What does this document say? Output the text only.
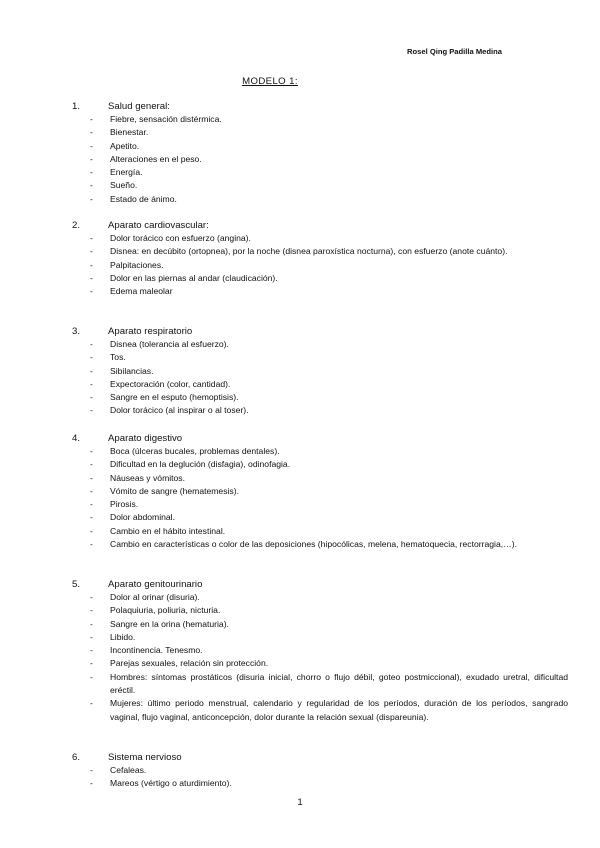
Rosel Qing Padilla Medina
MODELO 1:
1.	Salud general:
-	Fiebre, sensación distérmica.
-	Bienestar.
-	Apetito.
-	Alteraciones en el peso.
-	Energía.
-	Sueño.
-	Estado de ánimo.
2.	Aparato cardiovascular:
-	Dolor torácico con esfuerzo (angina).
-	Disnea: en decúbito (ortopnea), por la noche (disnea paroxística nocturna), con esfuerzo (anote cuánto).
-	Palpitaciones.
-	Dolor en las piernas al andar (claudicación).
-	Edema maleolar
3.	Aparato respiratorio
-	Disnea (tolerancia al esfuerzo).
-	Tos.
-	Sibilancias.
-	Expectoración (color, cantidad).
-	Sangre en el esputo (hemoptisis).
-	Dolor torácico (al inspirar o al toser).
4.	Aparato digestivo
-	Boca (úlceras bucales, problemas dentales).
-	Dificultad en la deglución (disfagia), odinofagia.
-	Náuseas y vómitos.
-	Vómito de sangre (hematemesis).
-	Pirosis.
-	Dolor abdominal.
-	Cambio en el hábito intestinal.
-	Cambio en características o color de las deposiciones (hipocólicas, melena, hematoquecia, rectorragia,…).
5.	Aparato genitourinario
-	Dolor al orinar (disuria).
-	Polaquiuria, poliuria, nicturia.
-	Sangre en la orina (hematuria).
-	Libido.
-	Incontinencia. Tenesmo.
-	Parejas sexuales, relación sin protección.
-	Hombres: síntomas prostáticos (disuria inicial, chorro o flujo débil, goteo postmiccional), exudado uretral, dificultad eréctil.
-	Mujeres: último periodo menstrual, calendario y regularidad de los períodos, duración de los períodos, sangrado vaginal, flujo vaginal, anticoncepción, dolor durante la relación sexual (dispareunia).
6.	Sistema nervioso
-	Cefaleas.
-	Mareos (vértigo o aturdimiento).
1
